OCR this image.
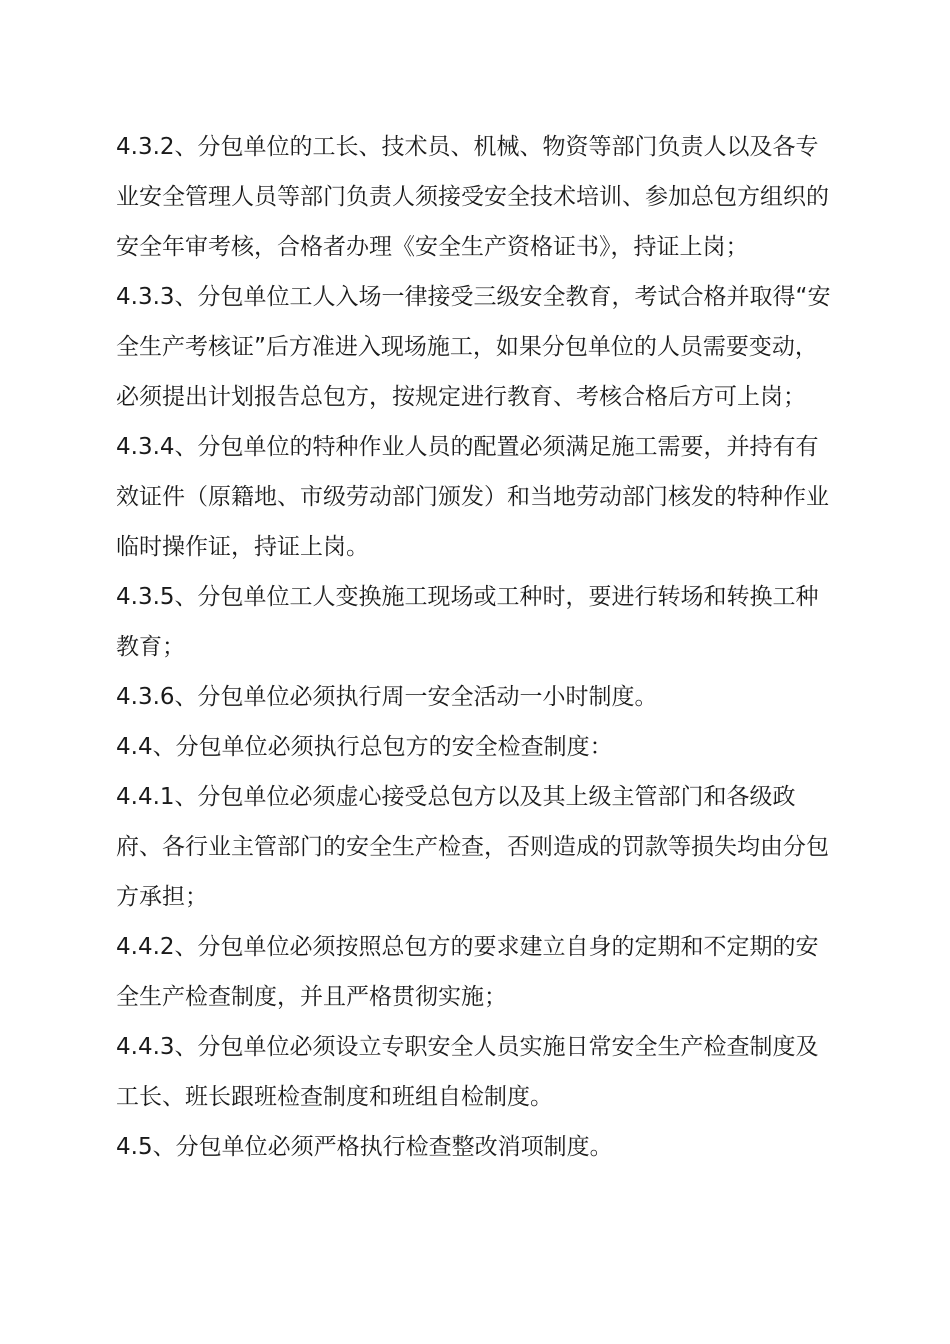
4.3.2、分包单位的工长、技术员、机械、物资等部门负责人以及各专业安全管理人员等部门负责人须接受安全技术培训、参加总包方组织的安全年审考核，合格者办理《安全生产资格证书》，持证上岗；

4.3.3、分包单位工人入场一律接受三级安全教育，考试合格并取得“安全生产考核证”后方准进入现场施工，如果分包单位的人员需要变动，必须提出计划报告总包方，按规定进行教育、考核合格后方可上岗；

4.3.4、分包单位的特种作业人员的配置必须满足施工需要，并持有有效证件（原籍地、市级劳动部门颁发）和当地劳动部门核发的特种作业临时操作证，持证上岗。

4.3.5、分包单位工人变换施工现场或工种时，要进行转场和转换工种教育；

4.3.6、分包单位必须执行周一安全活动一小时制度。

4.4、分包单位必须执行总包方的安全检查制度：

4.4.1、分包单位必须虚心接受总包方以及其上级主管部门和各级政府、各行业主管部门的安全生产检查，否则造成的罚款等损失均由分包方承担；

4.4.2、分包单位必须按照总包方的要求建立自身的定期和不定期的安全生产检查制度，并且严格贯彻实施；

4.4.3、分包单位必须设立专职安全人员实施日常安全生产检查制度及工长、班长跟班检查制度和班组自检制度。

4.5、分包单位必须严格执行检查整改消项制度。
